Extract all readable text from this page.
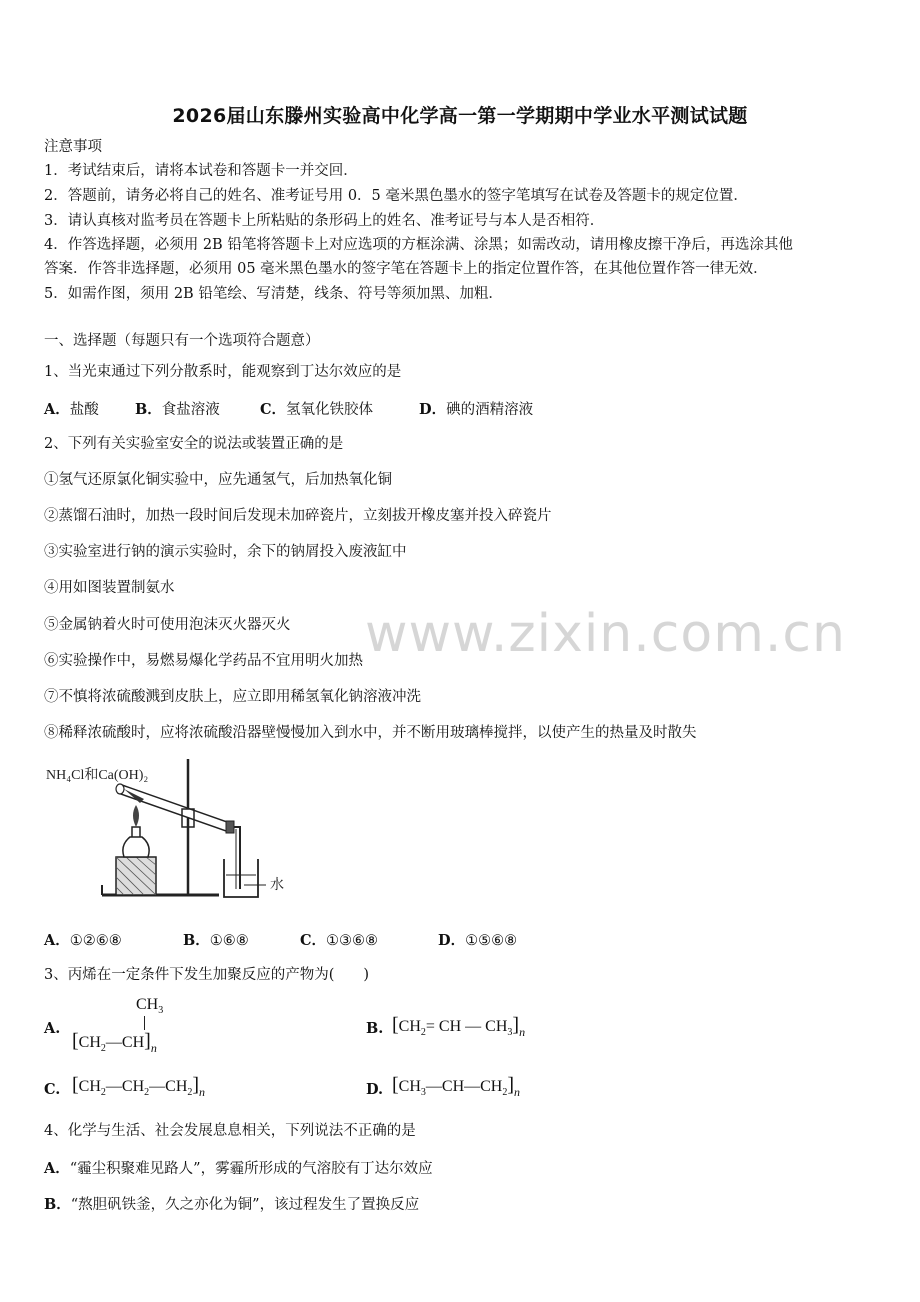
2026届山东滕州实验高中化学高一第一学期期中学业水平测试试题
注意事项
1．考试结束后，请将本试卷和答题卡一并交回．
2．答题前，请务必将自己的姓名、准考证号用 0．5 毫米黑色墨水的签字笔填写在试卷及答题卡的规定位置．
3．请认真核对监考员在答题卡上所粘贴的条形码上的姓名、准考证号与本人是否相符．
4．作答选择题，必须用 2B 铅笔将答题卡上对应选项的方框涂满、涂黑；如需改动，请用橡皮擦干净后，再选涂其他
答案．作答非选择题，必须用 05 毫米黑色墨水的签字笔在答题卡上的指定位置作答，在其他位置作答一律无效．
5．如需作图，须用 2B 铅笔绘、写清楚，线条、符号等须加黑、加粗．
一、选择题（每题只有一个选项符合题意）
1、当光束通过下列分散系时，能观察到丁达尔效应的是
A．盐酸 B．食盐溶液	C．氢氧化铁胶体	D．碘的酒精溶液
2、下列有关实验室安全的说法或装置正确的是
①氢气还原氯化铜实验中，应先通氢气，后加热氧化铜
②蒸馏石油时，加热一段时间后发现未加碎瓷片，立刻拔开橡皮塞并投入碎瓷片
③实验室进行钠的演示实验时，余下的钠屑投入废液缸中
④用如图装置制氨水
⑤金属钠着火时可使用泡沫灭火器灭火
⑥实验操作中，易燃易爆化学药品不宜用明火加热
⑦不慎将浓硫酸溅到皮肤上，应立即用稀氢氧化钠溶液冲洗
⑧稀释浓硫酸时，应将浓硫酸沿器壁慢慢加入到水中，并不断用玻璃棒搅拌，以使产生的热量及时散失
NH₄Cl和Ca(OH)₂
水
A．①②⑥⑧	B．①⑥⑧	C．①③⑥⑧	D．①⑤⑥⑧
3、丙烯在一定条件下发生加聚反应的产物为(　　)
A.
$CH_3$
$[CH_2—CH]_n$
B. [$CH_2=$ CH — $CH_3]_n$
C. $[CH_2—CH_2—CH_2]_n$	D. $[CH_3—CH—CH_2]_n$
4、化学与生活、社会发展息息相关，下列说法不正确的是
A．“霾尘积聚难见路人”，雾霾所形成的气溶胶有丁达尔效应
B．“熬胆矾铁釜，久之亦化为铜”，该过程发生了置换反应
www.zixin.com.cn
